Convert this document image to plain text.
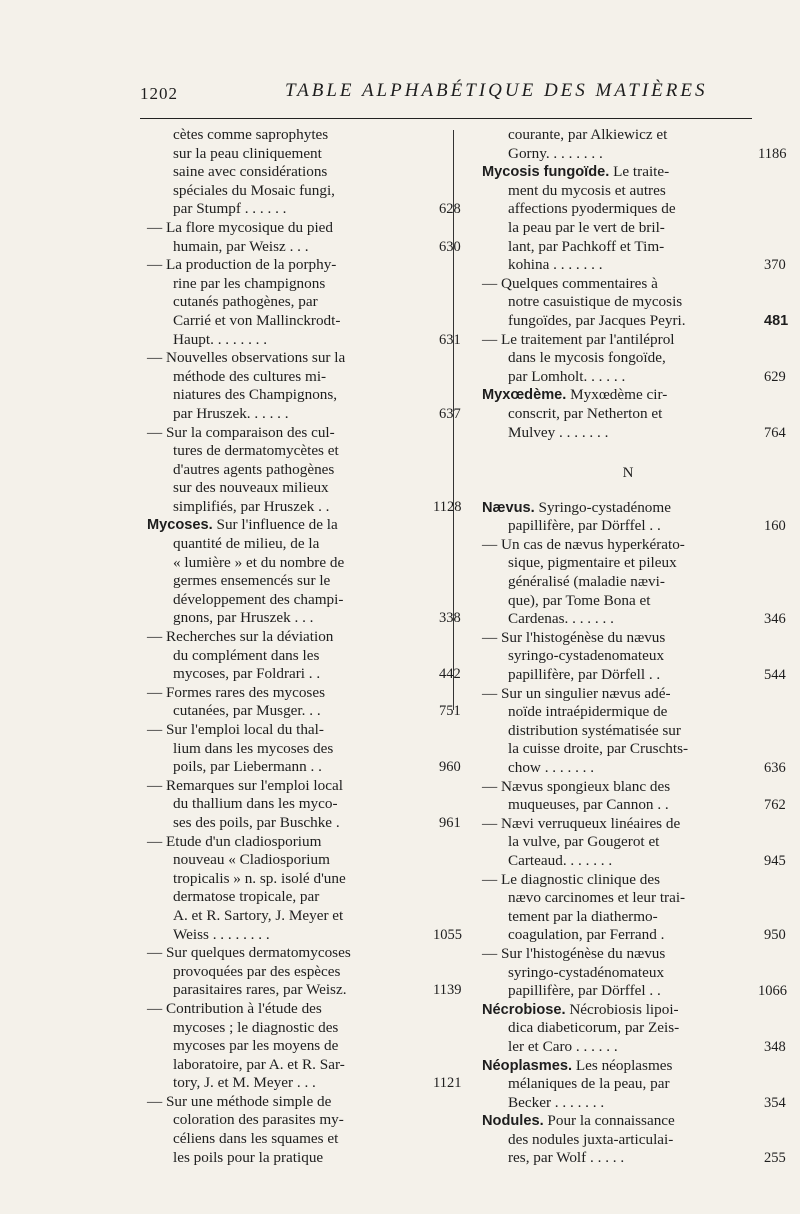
1202	TABLE ALPHABÉTIQUE DES MATIÈRES
cètes comme saprophytes
sur la peau cliniquement
saine avec considérations
spéciales du Mosaic fungi,
par Stumpf . . . . . .	628
— La flore mycosique du pied
humain, par Weisz . . .	630
— La production de la porphy-
rine par les champignons
cutanés pathogènes, par
Carrié et von Mallinckrodt-
Haupt. . . . . . . .	631
— Nouvelles observations sur la
méthode des cultures mi-
niatures des Champignons,
par Hruszek. . . . . .	637
— Sur la comparaison des cul-
tures de dermatomycètes et
d'autres agents pathogènes
sur des nouveaux milieux
simplifiés, par Hruszek . .	1128
Mycoses. Sur l'influence de la
quantité de milieu, de la
« lumière » et du nombre de
germes ensemencés sur le
développement des champi-
gnons, par Hruszek . . .	338
— Recherches sur la déviation
du complément dans les
mycoses, par Foldrari . .	442
— Formes rares des mycoses
cutanées, par Musger. . .	751
— Sur l'emploi local du thal-
lium dans les mycoses des
poils, par Liebermann . .	960
— Remarques sur l'emploi local
du thallium dans les myco-
ses des poils, par Buschke .	961
— Etude d'un cladiosporium
nouveau « Cladiosporium
tropicalis » n. sp. isolé d'une
dermatose tropicale, par
A. et R. Sartory, J. Meyer et
Weiss . . . . . . . .	1055
— Sur quelques dermatomycoses
provoquées par des espèces
parasitaires rares, par Weisz.	1139
— Contribution à l'étude des
mycoses ; le diagnostic des
mycoses par les moyens de
laboratoire, par A. et R. Sar-
tory, J. et M. Meyer . . .	1121
— Sur une méthode simple de
coloration des parasites my-
céliens dans les squames et
les poils pour la pratique
courante, par Alkiewicz et
Gorny. . . . . . . .	1186
Mycosis fungoïde. Le traite-
ment du mycosis et autres
affections pyodermiques de
la peau par le vert de bril-
lant, par Pachkoff et Tim-
kohina . . . . . . .	370
— Quelques commentaires à
notre casuistique de mycosis
fungoïdes, par Jacques Peyri.	481
— Le traitement par l'antiléprol
dans le mycosis fongoïde,
par Lomholt. . . . . .	629
Myxœdème. Myxœdème cir-
conscrit, par Netherton et
Mulvey . . . . . . .	764
N
Nævus. Syringo-cystadénome
papillifère, par Dörffel . .	160
— Un cas de nævus hyperkérato-
sique, pigmentaire et pileux
généralisé (maladie nævi-
que), par Tome Bona et
Cardenas. . . . . . .	346
— Sur l'histogénèse du nævus
syringo-cystadenomateux
papillifère, par Dörfell . .	544
— Sur un singulier nævus adé-
noïde intraépidermique de
distribution systématisée sur
la cuisse droite, par Cruschts-
chow . . . . . . .	636
— Nævus spongieux blanc des
muqueuses, par Cannon . .	762
— Nævi verruqueux linéaires de
la vulve, par Gougerot et
Carteaud. . . . . . .	945
— Le diagnostic clinique des
nævo carcinomes et leur trai-
tement par la diathermo-
coagulation, par Ferrand .	950
— Sur l'histogénèse du nævus
syringo-cystadénomateux
papillifère, par Dörffel . .	1066
Nécrobiose. Nécrobiosis lipoi-
dica diabeticorum, par Zeis-
ler et Caro . . . . . .	348
Néoplasmes. Les néoplasmes
mélaniques de la peau, par
Becker . . . . . . .	354
Nodules. Pour la connaissance
des nodules juxta-articulai-
res, par Wolf . . . . .	255
